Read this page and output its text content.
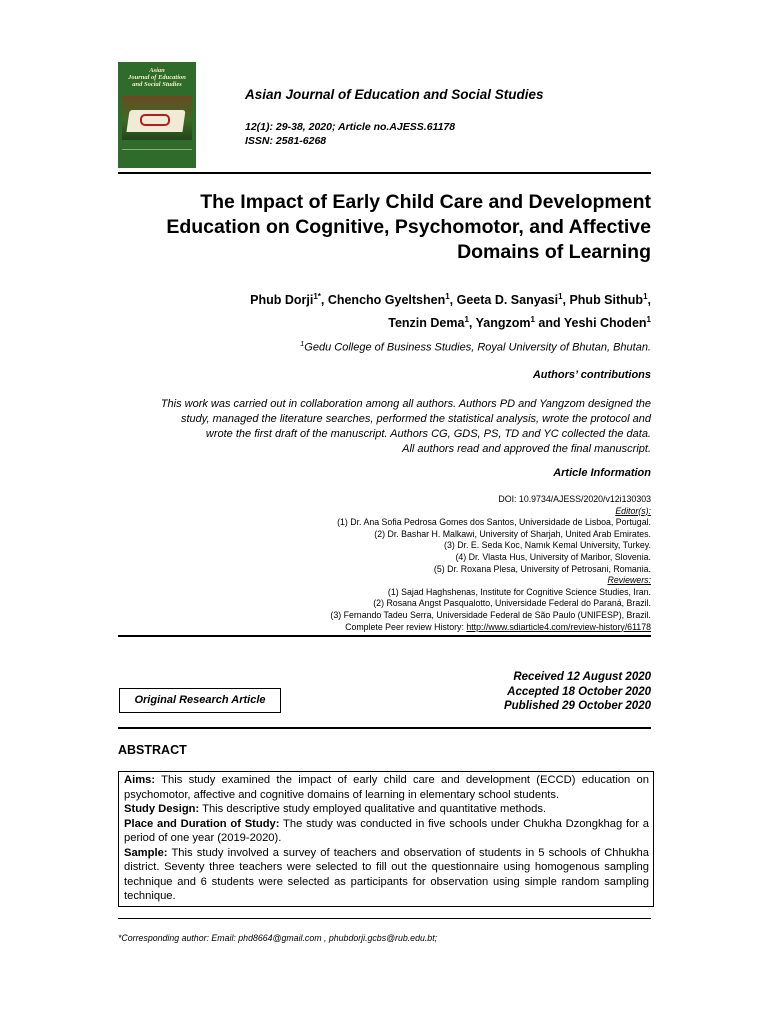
Asian
Journal of Education
and Social Studies
Asian Journal of Education and Social Studies
12(1): 29-38, 2020; Article no.AJESS.61178
ISSN: 2581-6268
The Impact of Early Child Care and Development
Education on Cognitive, Psychomotor, and Affective
Domains of Learning
Phub Dorji$^{1*}$, Chencho Gyeltshen$^1$, Geeta D. Sanyasi$^1$, Phub Sithub$^1$,
Tenzin Dema$^1$, Yangzom$^1$ and Yeshi Choden$^1$
$^1$Gedu College of Business Studies, Royal University of Bhutan, Bhutan.
Authors’ contributions
This work was carried out in collaboration among all authors. Authors PD and Yangzom designed the
study, managed the literature searches, performed the statistical analysis, wrote the protocol and
wrote the first draft of the manuscript. Authors CG, GDS, PS, TD and YC collected the data.
All authors read and approved the final manuscript.
Article Information
DOI: 10.9734/AJESS/2020/v12i130303
Editor(s):
(1) Dr. Ana Sofia Pedrosa Gomes dos Santos, Universidade de Lisboa, Portugal.
(2) Dr. Bashar H. Malkawi, University of Sharjah, United Arab Emirates.
(3) Dr. E. Seda Koc, Namık Kemal University, Turkey.
(4) Dr. Vlasta Hus, University of Maribor, Slovenia.
(5) Dr. Roxana Plesa, University of Petrosani, Romania.
Reviewers:
(1) Sajad Haghshenas, Institute for Cognitive Science Studies, Iran.
(2) Rosana Angst Pasqualotto, Universidade Federal do Paraná, Brazil.
(3) Fernando Tadeu Serra, Universidade Federal de São Paulo (UNIFESP), Brazil.
Complete Peer review History: http://www.sdiarticle4.com/review-history/61178
Original Research Article
Received 12 August 2020
Accepted 18 October 2020
Published 29 October 2020
ABSTRACT
Aims: This study examined the impact of early child care and development (ECCD) education on psychomotor, affective and cognitive domains of learning in elementary school students.
Study Design: This descriptive study employed qualitative and quantitative methods.
Place and Duration of Study: The study was conducted in five schools under Chukha Dzongkhag for a period of one year (2019-2020).
Sample: This study involved a survey of teachers and observation of students in 5 schools of Chhukha district. Seventy three teachers were selected to fill out the questionnaire using homogenous sampling technique and 6 students were selected as participants for observation using simple random sampling technique.
*Corresponding author: Email: phd8664@gmail.com , phubdorji.gcbs@rub.edu.bt;
